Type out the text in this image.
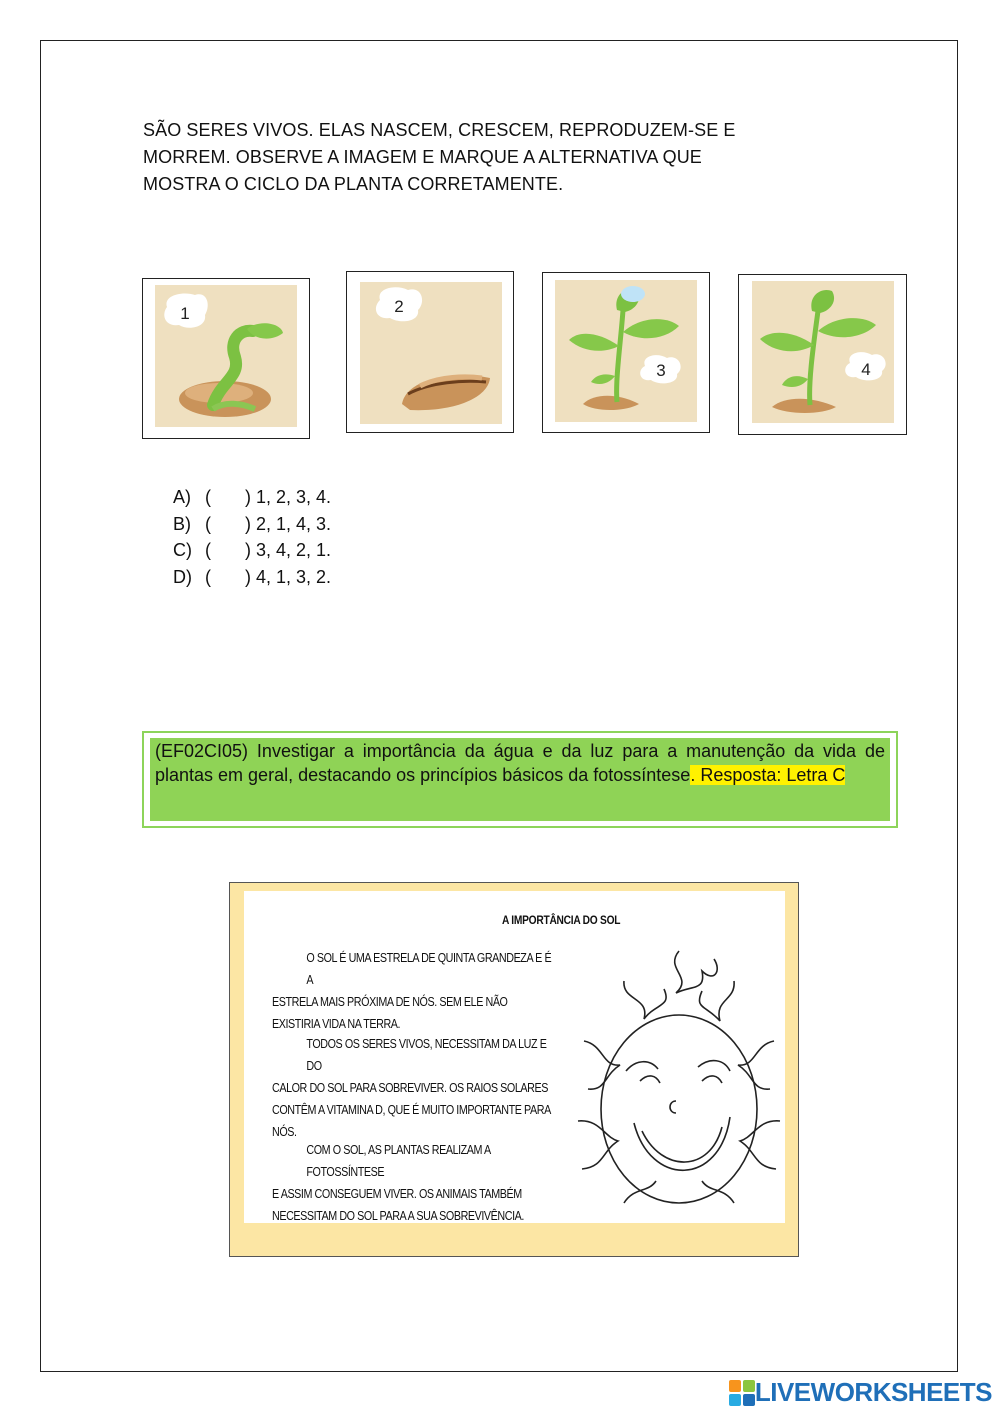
SÃO SERES VIVOS. ELAS NASCEM, CRESCEM, REPRODUZEM-SE E
MORREM. OBSERVE A IMAGEM E MARQUE A ALTERNATIVA QUE
MOSTRA O CICLO DA PLANTA CORRETAMENTE.
1	2
3	4
A) (	) 1, 2, 3, 4.
B) (	) 2, 1, 4, 3.
C) (	) 3, 4, 2, 1.
D) (	) 4, 1, 3, 2.
(EF02CI05) Investigar a importância da água e da luz para a manutenção da vida de plantas em geral, destacando os princípios básicos da fotossíntese. Resposta: Letra C
A IMPORTÂNCIA DO SOL
O SOL É UMA ESTRELA DE QUINTA GRANDEZA E É A
ESTRELA MAIS PRÓXIMA DE NÓS. SEM ELE NÃO EXISTIRIA VIDA NA TERRA.
TODOS OS SERES VIVOS, NECESSITAM DA LUZ E DO
CALOR DO SOL PARA SOBREVIVER. OS RAIOS SOLARES CONTÊM A VITAMINA D, QUE É MUITO IMPORTANTE PARA NÓS.
COM O SOL, AS PLANTAS REALIZAM A FOTOSSÍNTESE
E ASSIM CONSEGUEM VIVER. OS ANIMAIS TAMBÉM NECESSITAM DO SOL PARA A SUA SOBREVIVÊNCIA.
LIVEWORKSHEETS
